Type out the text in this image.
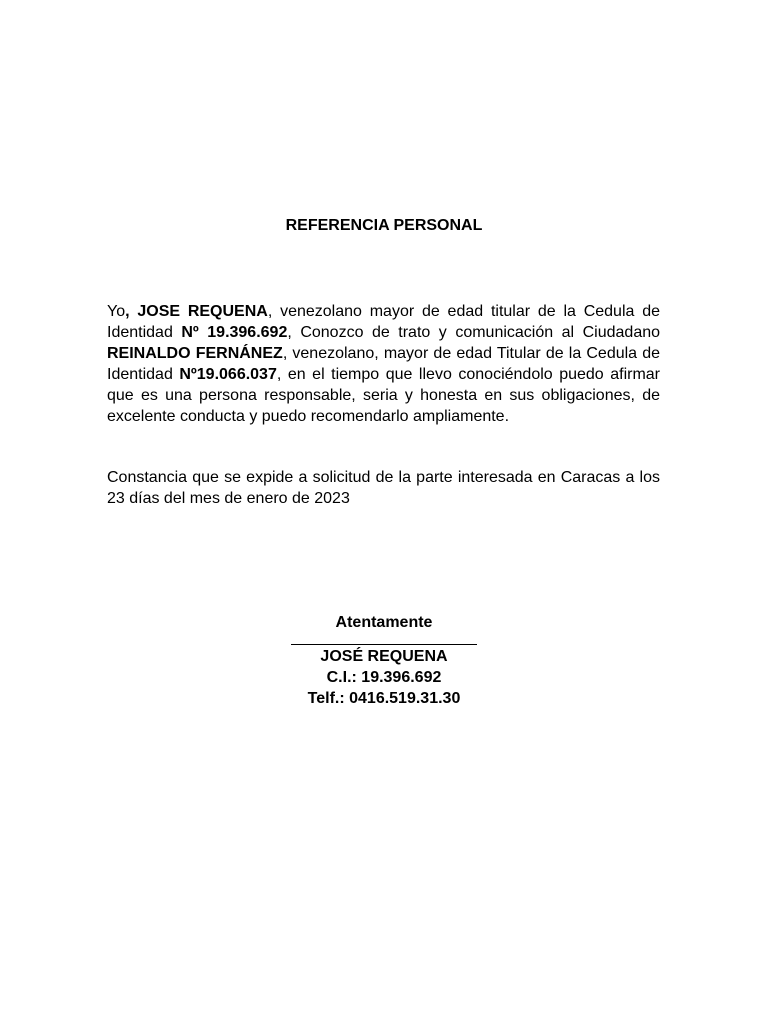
REFERENCIA PERSONAL
Yo, JOSE REQUENA, venezolano mayor de edad titular de la Cedula de Identidad Nº 19.396.692, Conozco de trato y comunicación al Ciudadano REINALDO FERNÁNEZ, venezolano, mayor de edad Titular de la Cedula de Identidad Nº19.066.037, en el tiempo que llevo conociéndolo puedo afirmar que es una persona responsable, seria y honesta en sus obligaciones, de excelente conducta y puedo recomendarlo ampliamente.
Constancia que se expide a solicitud de la parte interesada en Caracas a los 23 días del mes de enero de 2023
Atentamente
JOSÉ REQUENA
C.I.: 19.396.692
Telf.: 0416.519.31.30
